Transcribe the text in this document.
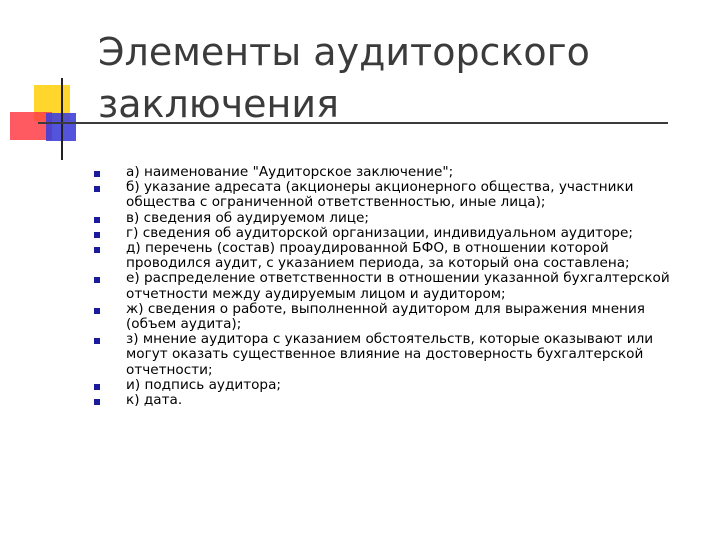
Элементы аудиторского заключения
а) наименование "Аудиторское заключение";
б) указание адресата (акционеры акционерного общества, участники общества с ограниченной ответственностью, иные лица);
в) сведения об аудируемом лице;
г) сведения об аудиторской организации, индивидуальном аудиторе;
д) перечень (состав) проаудированной БФО, в отношении которой проводился аудит, с указанием периода, за который она составлена;
е) распределение ответственности в отношении указанной бухгалтерской отчетности между аудируемым лицом и аудитором;
ж) сведения о работе, выполненной аудитором для выражения мнения (объем аудита);
з) мнение аудитора с указанием обстоятельств, которые оказывают или могут оказать существенное влияние на достоверность бухгалтерской отчетности;
и) подпись аудитора;
к) дата.
